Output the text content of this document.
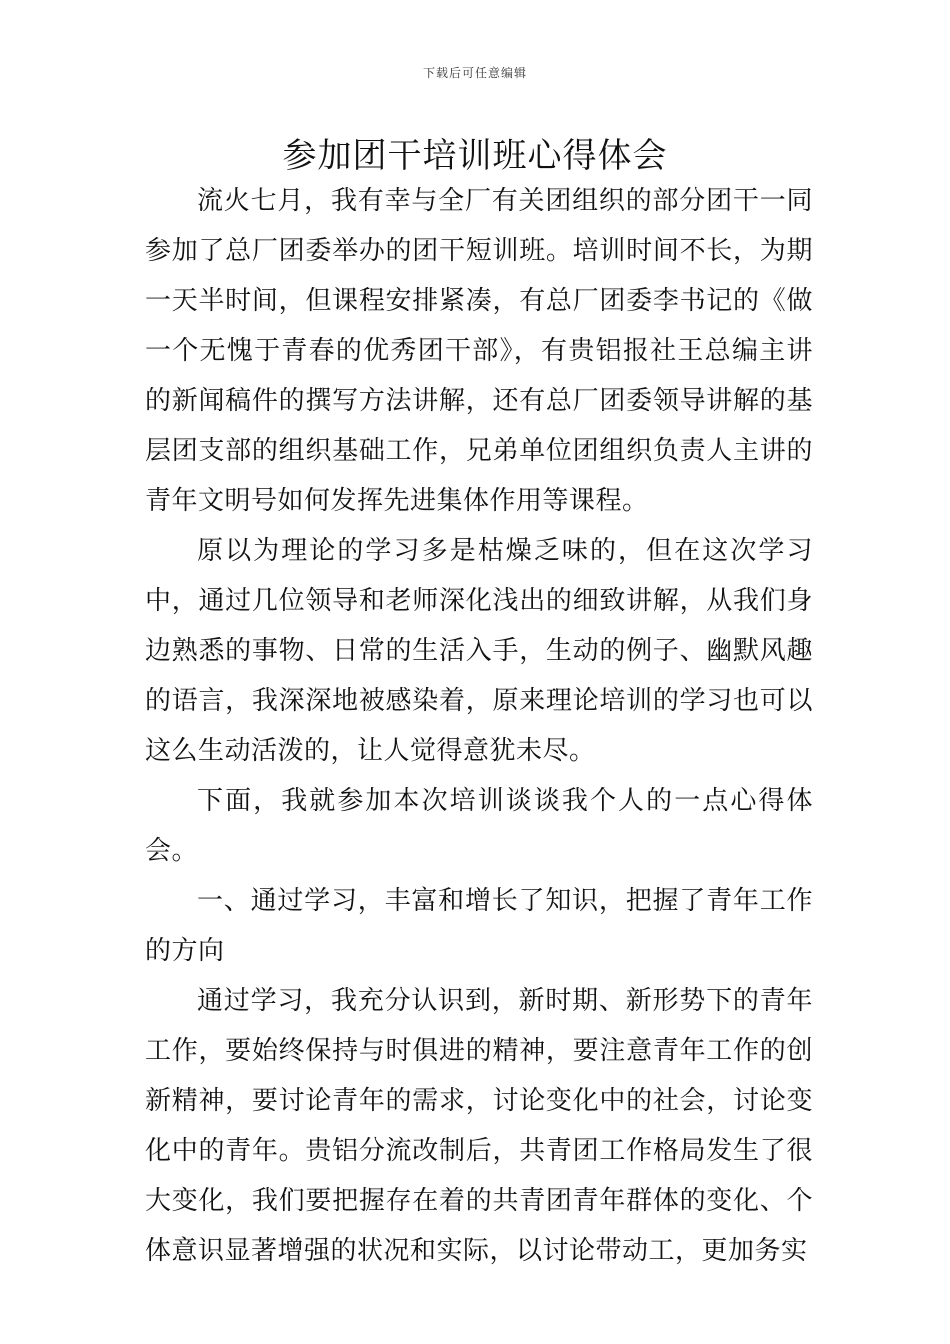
下载后可任意编辑
参加团干培训班心得体会

流火七月，我有幸与全厂有关团组织的部分团干一同参加了总厂团委举办的团干短训班。培训时间不长，为期一天半时间，但课程安排紧凑，有总厂团委李书记的《做一个无愧于青春的优秀团干部》，有贵铝报社王总编主讲的新闻稿件的撰写方法讲解，还有总厂团委领导讲解的基层团支部的组织基础工作，兄弟单位团组织负责人主讲的青年文明号如何发挥先进集体作用等课程。

原以为理论的学习多是枯燥乏味的，但在这次学习中，通过几位领导和老师深化浅出的细致讲解，从我们身边熟悉的事物、日常的生活入手，生动的例子、幽默风趣的语言，我深深地被感染着，原来理论培训的学习也可以这么生动活泼的，让人觉得意犹未尽。

下面，我就参加本次培训谈谈我个人的一点心得体会。

一、通过学习，丰富和增长了知识，把握了青年工作的方向

通过学习，我充分认识到，新时期、新形势下的青年工作，要始终保持与时俱进的精神，要注意青年工作的创新精神，要讨论青年的需求，讨论变化中的社会，讨论变化中的青年。贵铝分流改制后，共青团工作格局发生了很大变化，我们要把握存在着的共青团青年群体的变化、个体意识显著增强的状况和实际，以讨论带动工，更加务实
